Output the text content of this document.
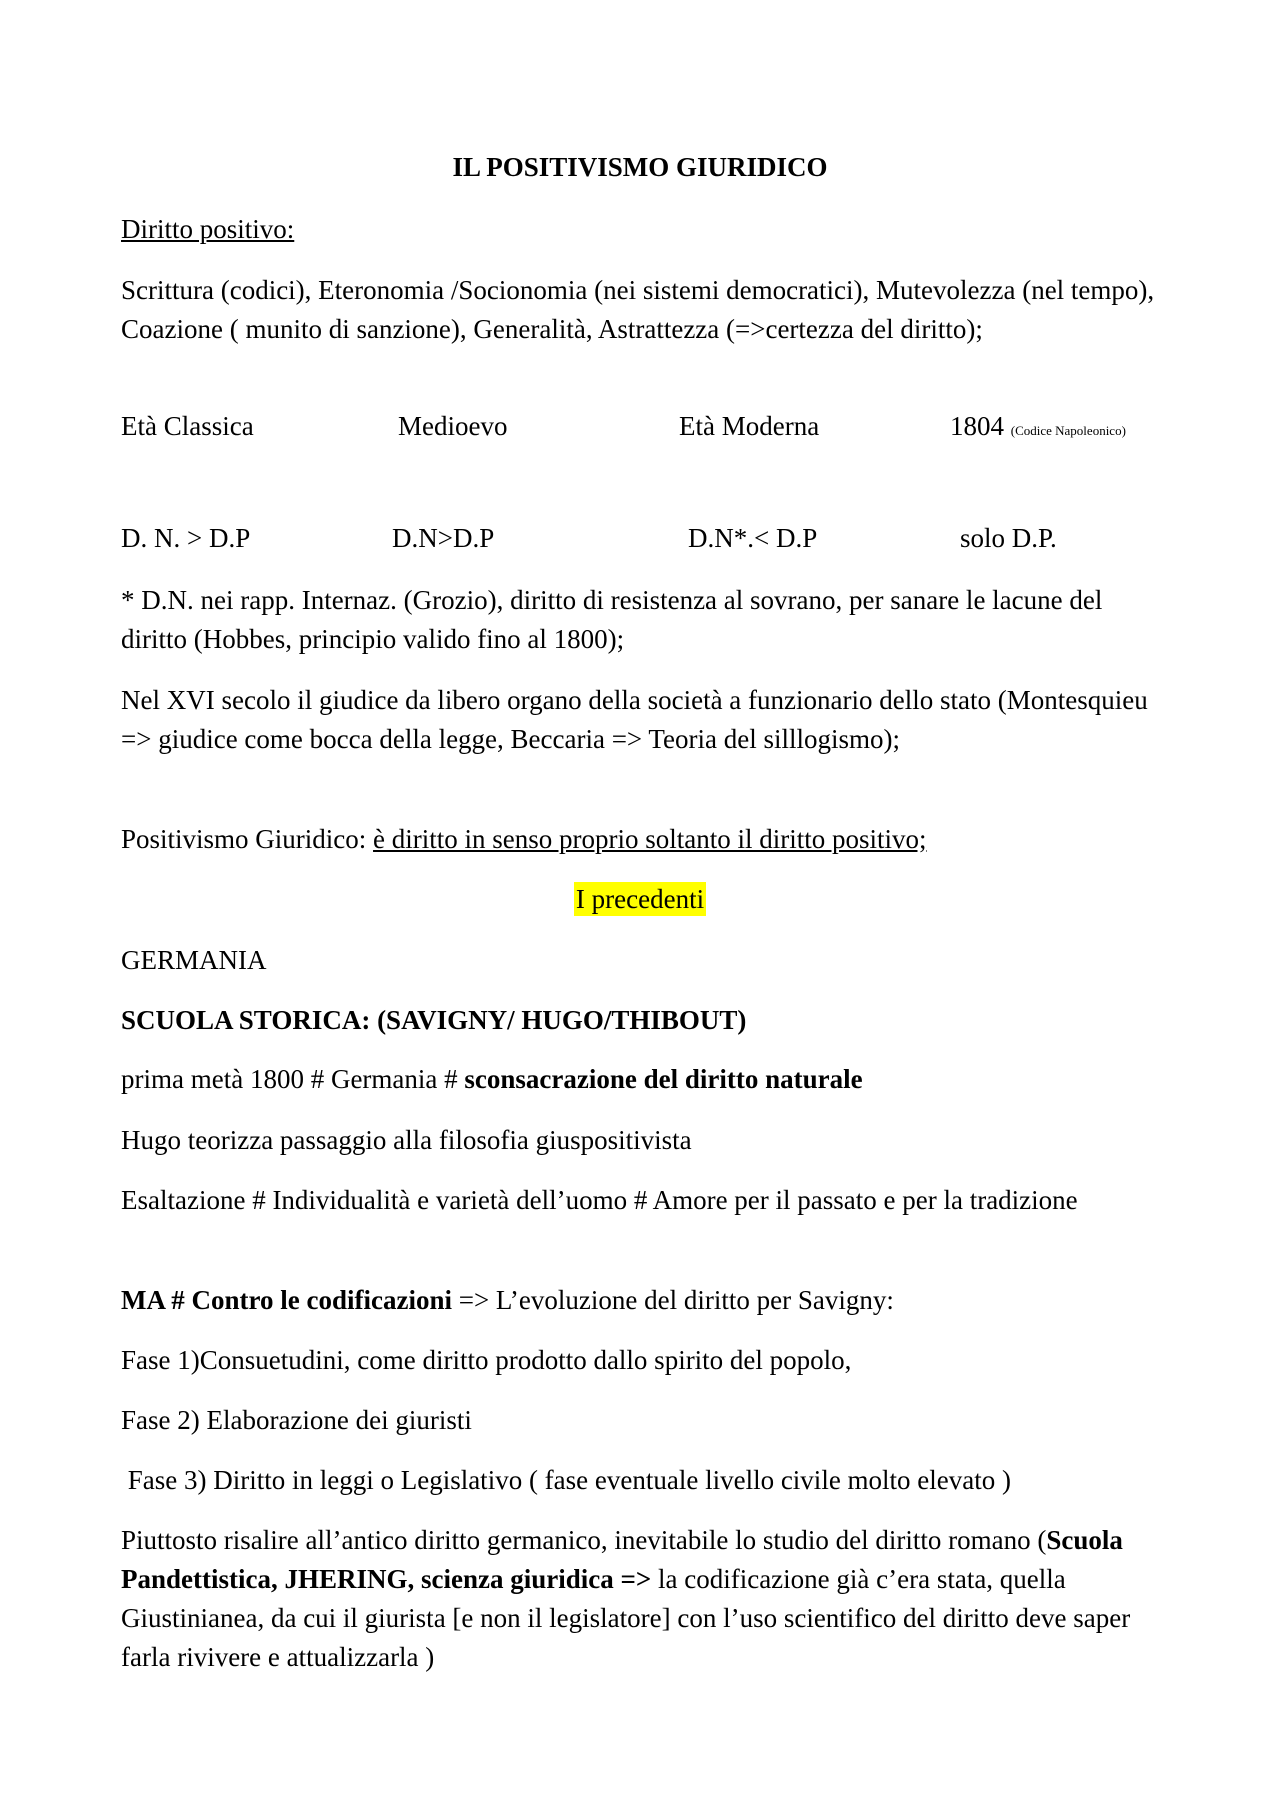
IL POSITIVISMO GIURIDICO

Diritto positivo:

Scrittura (codici), Eteronomia /Socionomia (nei sistemi democratici), Mutevolezza (nel tempo), Coazione ( munito di sanzione), Generalità, Astrattezza (=>certezza del diritto);

Età Classica	Medioevo	Età Moderna	1804 (Codice Napoleonico)
D. N. > D.P	D.N>D.P	D.N*.< D.P	solo D.P.

* D.N. nei rapp. Internaz. (Grozio), diritto di resistenza al sovrano, per sanare le lacune del diritto (Hobbes, principio valido fino al 1800);

Nel XVI secolo il giudice da libero organo della società a funzionario dello stato (Montesquieu => giudice come bocca della legge, Beccaria => Teoria del silllogismo);

Positivismo Giuridico: è diritto in senso proprio soltanto il diritto positivo;

I precedenti

GERMANIA

SCUOLA STORICA: (SAVIGNY/ HUGO/THIBOUT)

prima metà 1800 # Germania # sconsacrazione del diritto naturale

Hugo teorizza passaggio alla filosofia giuspositivista

Esaltazione # Individualità e varietà dell’uomo # Amore per il passato e per la tradizione

MA # Contro le codificazioni => L’evoluzione del diritto per Savigny:

Fase 1)Consuetudini, come diritto prodotto dallo spirito del popolo,

Fase 2) Elaborazione dei giuristi

Fase 3) Diritto in leggi o Legislativo ( fase eventuale livello civile molto elevato )

Piuttosto risalire all’antico diritto germanico, inevitabile lo studio del diritto romano (Scuola Pandettistica, JHERING, scienza giuridica => la codificazione già c’era stata, quella Giustinianea, da cui il giurista [e non il legislatore] con l’uso scientifico del diritto deve saper farla rivivere e attualizzarla )
